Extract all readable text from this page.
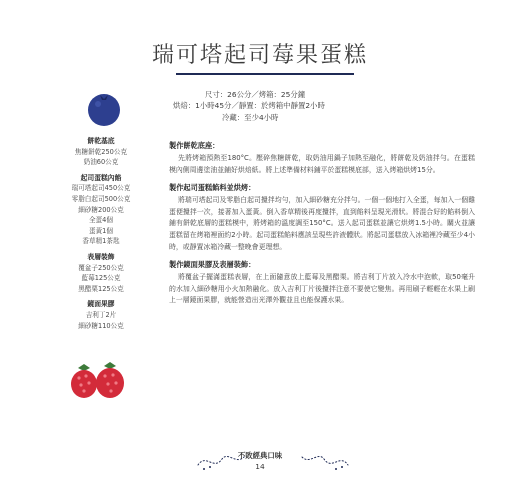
瑞可塔起司莓果蛋糕
尺寸：26公分／烤箱：25分鐘
烘焙：1小時45分／靜置：於烤箱中靜置2小時
冷藏：至少4小時
餅乾基底
焦糖餅乾250公克
奶油60公克
起司蛋糕內餡
瑞可塔起司450公克
零脂白起司500公克
細砂糖200公克
全蛋4個
蛋黃1個
香草精1茶匙
表層裝飾
覆盆子250公克
藍莓125公克
黑醋栗125公克
鏡面果膠
吉利丁2片
細砂糖110公克
製作餅乾底座：

先將烤箱預熱至180°C。壓碎焦糖餅乾，取奶油用鍋子加熱至融化，將餅乾及奶油拌勻。在蛋糕模內側周邊塗油並鋪好烘焙紙。將上述準備材料鋪平於蛋糕模底部，送入烤箱烘烤15分。

製作起司蛋糕餡料並烘烤：

將瑞可塔起司及零脂白起司攪拌均勻，加入細砂糖充分拌勻。一個一個地打入全蛋，每加入一個雞蛋便攪拌一次，接著加入蛋黃。倒入香草精後再度攪拌，直到餡料呈現光滑狀。將混合好的餡料倒入鋪有餅乾底層的蛋糕模中，將烤箱的溫度調至150°C。送入起司蛋糕並讓它烘烤1.5小時。關火並讓蛋糕留在烤箱裡面約2小時。起司蛋糕餡料應該呈現些許液體狀。將起司蛋糕放入冰箱裡冷藏至少4小時，或靜置冰箱冷藏一整晚會更理想。

製作鏡面果膠及表層裝飾：

將覆盆子擺滿蛋糕表層，在上面隨意放上藍莓及黑醋栗。將吉利丁片放入冷水中泡軟，取50毫升的水加入細砂糖用小火加熱融化。放入吉利丁片後攪拌注意不要使它變焦。再用刷子輕輕在水果上刷上一層鏡面果膠，就能營造出光澤外觀並且也能保護水果。

不敗經典口味
14
